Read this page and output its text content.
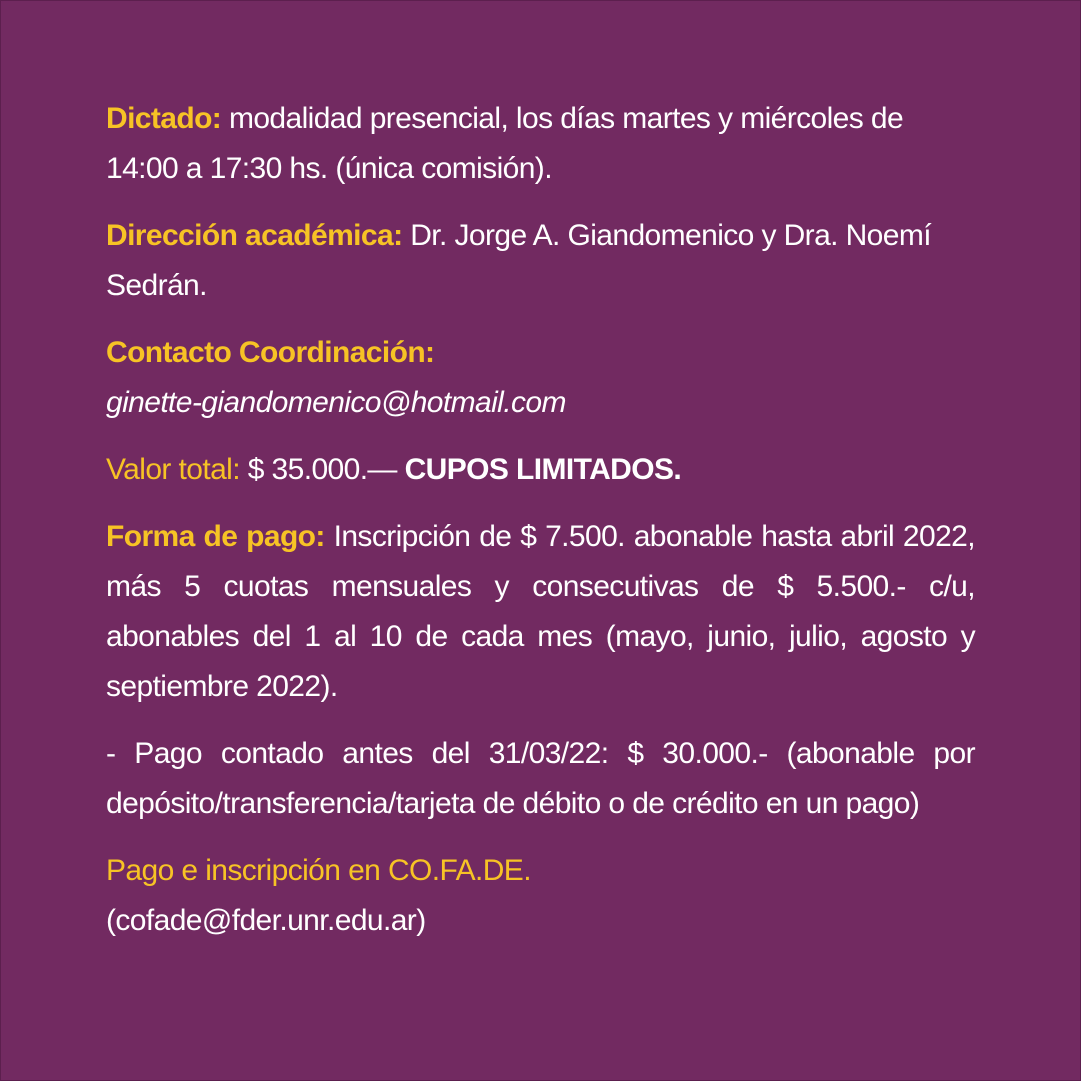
Dictado: modalidad presencial, los días martes y miércoles de 14:00 a 17:30 hs. (única comisión).

Dirección académica: Dr. Jorge A. Giandomenico y Dra. Noemí Sedrán.

Contacto Coordinación:
ginette-giandomenico@hotmail.com

Valor total: $ 35.000.— CUPOS LIMITADOS.

Forma de pago: Inscripción de $ 7.500. abonable hasta abril 2022, más 5 cuotas mensuales y consecutivas de $ 5.500.- c/u, abonables del 1 al 10 de cada mes (mayo, junio, julio, agosto y septiembre 2022).

- Pago contado antes del 31/03/22: $ 30.000.- (abonable por depósito/transferencia/tarjeta de débito o de crédito en un pago)

Pago e inscripción en CO.FA.DE.
(cofade@fder.unr.edu.ar)
